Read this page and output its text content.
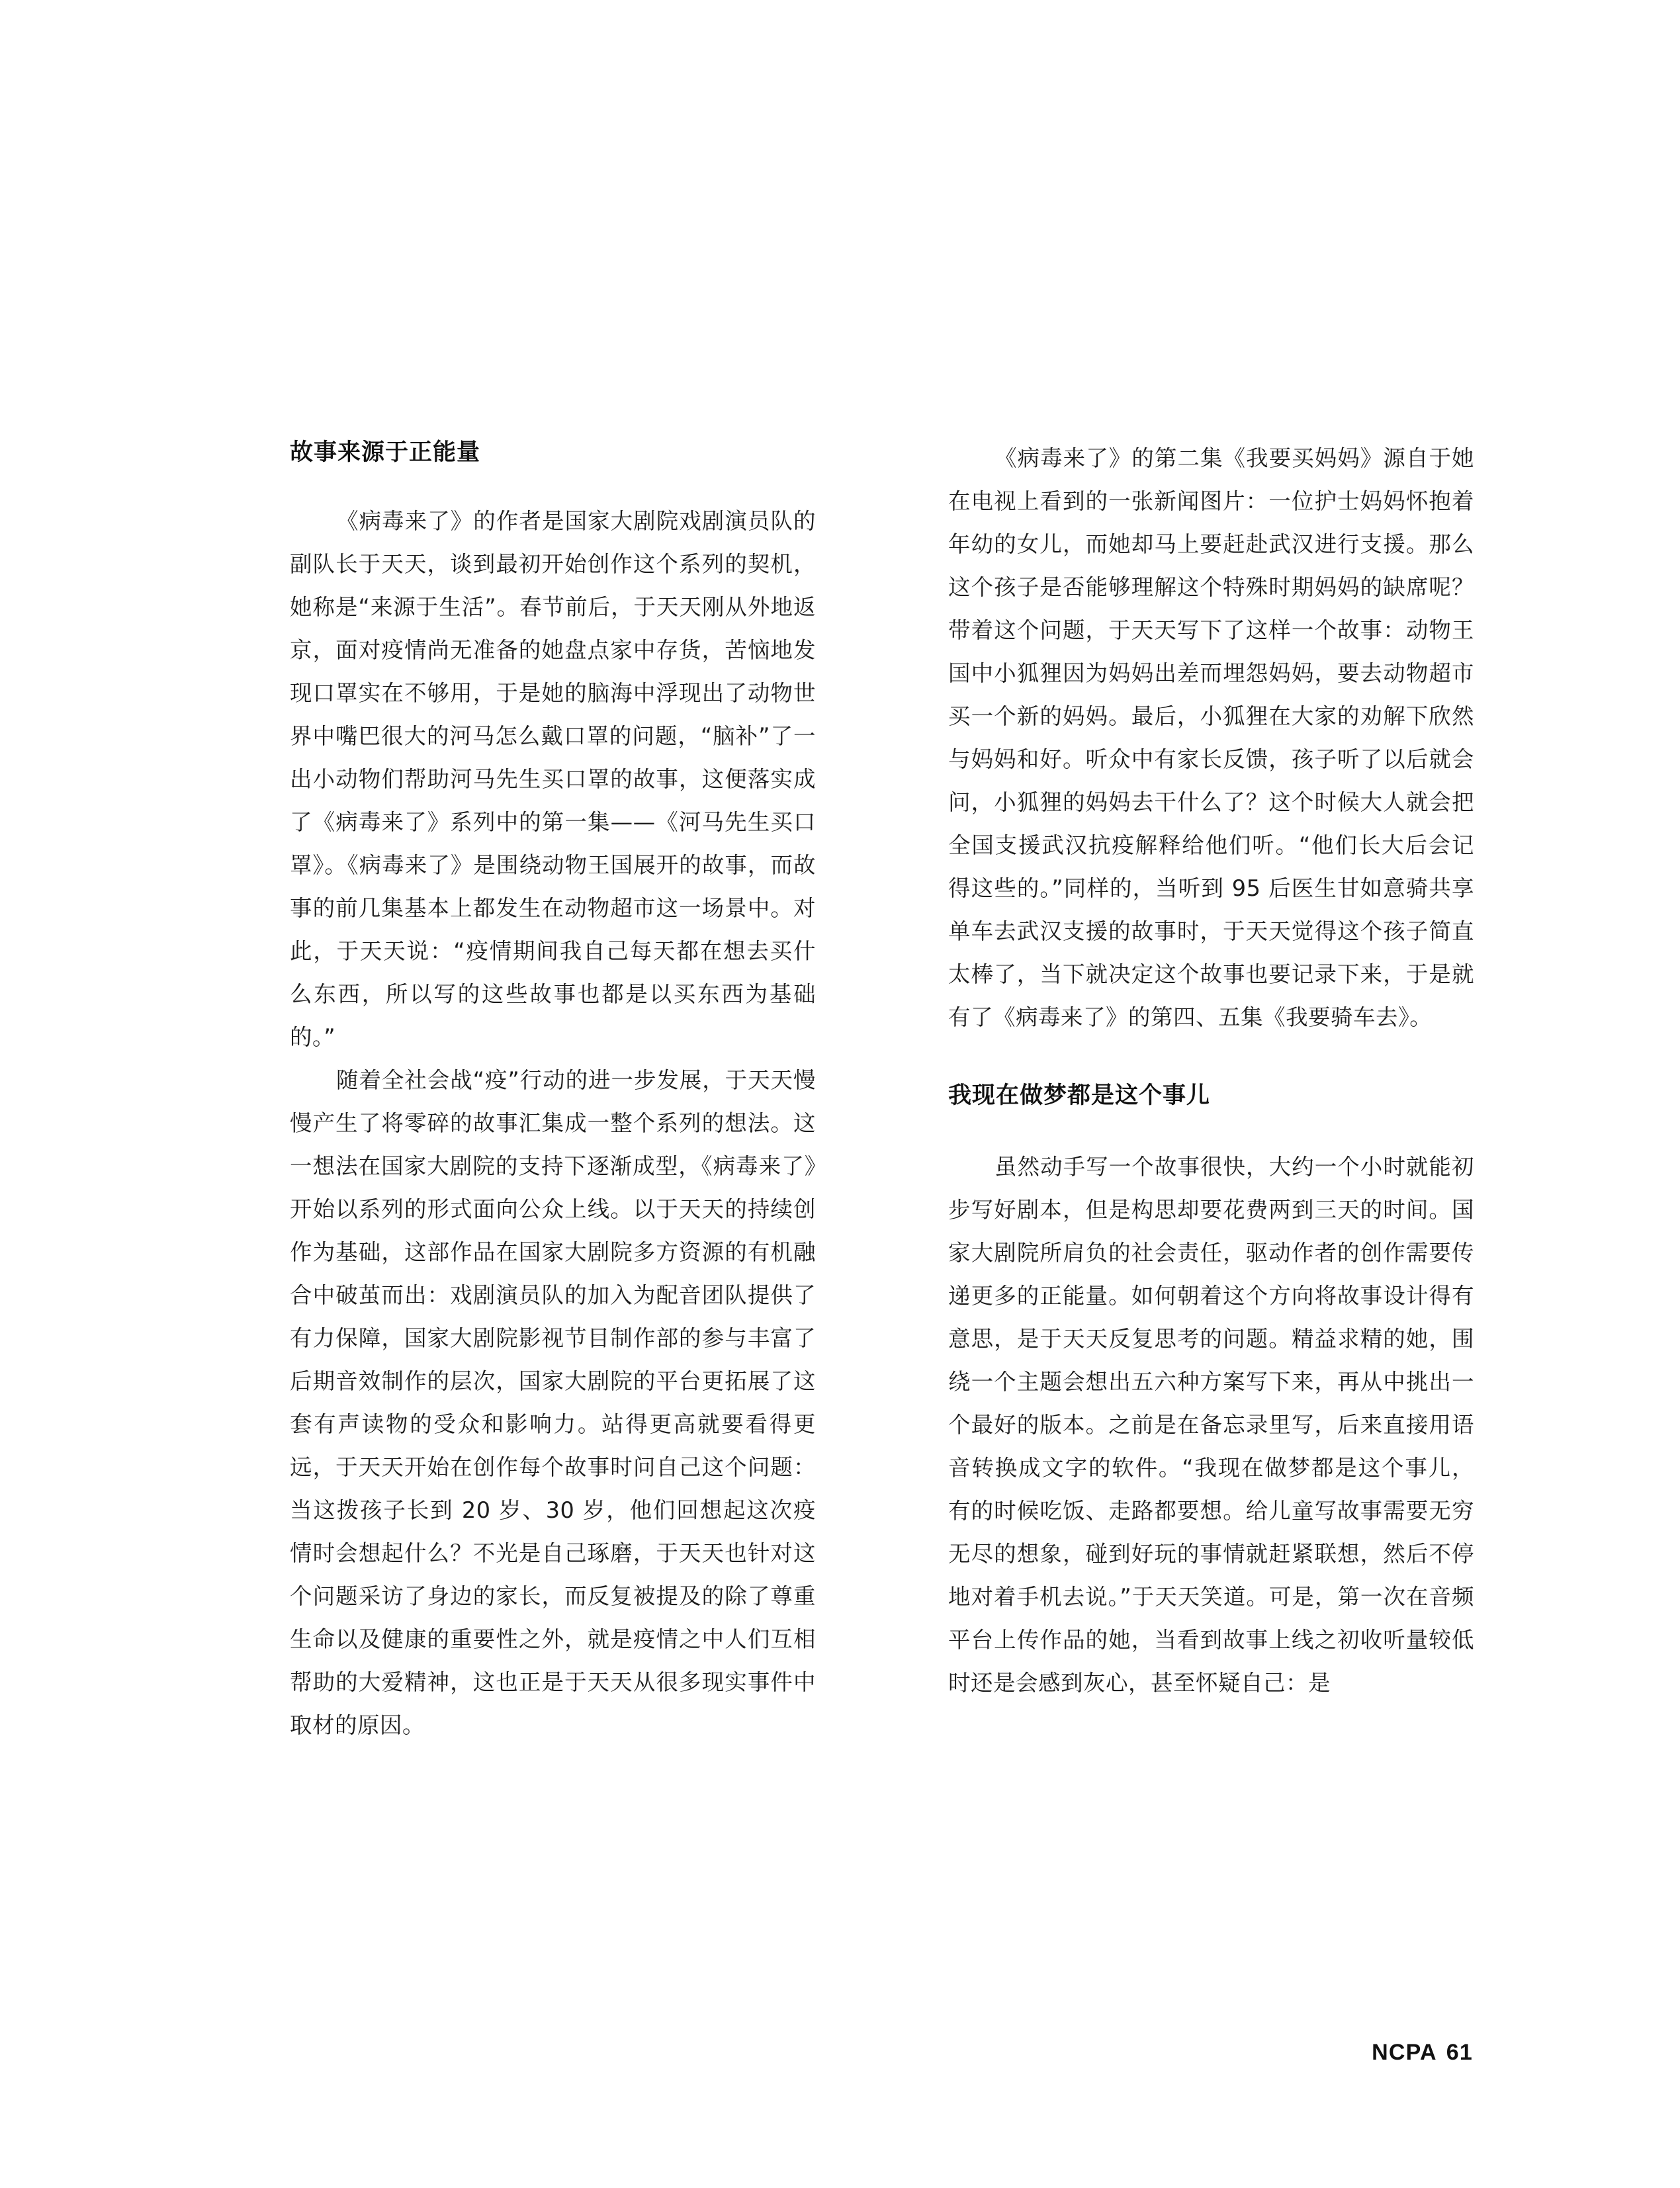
故事来源于正能量

《病毒来了》的作者是国家大剧院戏剧演员队的副队长于天天，谈到最初开始创作这个系列的契机，她称是“来源于生活”。春节前后，于天天刚从外地返京，面对疫情尚无准备的她盘点家中存货，苦恼地发现口罩实在不够用，于是她的脑海中浮现出了动物世界中嘴巴很大的河马怎么戴口罩的问题，“脑补”了一出小动物们帮助河马先生买口罩的故事，这便落实成了《病毒来了》系列中的第一集——《河马先生买口罩》。《病毒来了》是围绕动物王国展开的故事，而故事的前几集基本上都发生在动物超市这一场景中。对此，于天天说：“疫情期间我自己每天都在想去买什么东西，所以写的这些故事也都是以买东西为基础的。”

随着全社会战“疫”行动的进一步发展，于天天慢慢产生了将零碎的故事汇集成一整个系列的想法。这一想法在国家大剧院的支持下逐渐成型，《病毒来了》开始以系列的形式面向公众上线。以于天天的持续创作为基础，这部作品在国家大剧院多方资源的有机融合中破茧而出：戏剧演员队的加入为配音团队提供了有力保障，国家大剧院影视节目制作部的参与丰富了后期音效制作的层次，国家大剧院的平台更拓展了这套有声读物的受众和影响力。站得更高就要看得更远，于天天开始在创作每个故事时问自己这个问题：当这拨孩子长到 20 岁、30 岁，他们回想起这次疫情时会想起什么？不光是自己琢磨，于天天也针对这个问题采访了身边的家长，而反复被提及的除了尊重生命以及健康的重要性之外，就是疫情之中人们互相帮助的大爱精神，这也正是于天天从很多现实事件中取材的原因。

《病毒来了》的第二集《我要买妈妈》源自于她在电视上看到的一张新闻图片：一位护士妈妈怀抱着年幼的女儿，而她却马上要赶赴武汉进行支援。那么这个孩子是否能够理解这个特殊时期妈妈的缺席呢？带着这个问题，于天天写下了这样一个故事：动物王国中小狐狸因为妈妈出差而埋怨妈妈，要去动物超市买一个新的妈妈。最后，小狐狸在大家的劝解下欣然与妈妈和好。听众中有家长反馈，孩子听了以后就会问，小狐狸的妈妈去干什么了？这个时候大人就会把全国支援武汉抗疫解释给他们听。“他们长大后会记得这些的。”同样的，当听到 95 后医生甘如意骑共享单车去武汉支援的故事时，于天天觉得这个孩子简直太棒了，当下就决定这个故事也要记录下来，于是就有了《病毒来了》的第四、五集《我要骑车去》。

我现在做梦都是这个事儿

虽然动手写一个故事很快，大约一个小时就能初步写好剧本，但是构思却要花费两到三天的时间。国家大剧院所肩负的社会责任，驱动作者的创作需要传递更多的正能量。如何朝着这个方向将故事设计得有意思，是于天天反复思考的问题。精益求精的她，围绕一个主题会想出五六种方案写下来，再从中挑出一个最好的版本。之前是在备忘录里写，后来直接用语音转换成文字的软件。“我现在做梦都是这个事儿，有的时候吃饭、走路都要想。给儿童写故事需要无穷无尽的想象，碰到好玩的事情就赶紧联想，然后不停地对着手机去说。”于天天笑道。可是，第一次在音频平台上传作品的她，当看到故事上线之初收听量较低时还是会感到灰心，甚至怀疑自己：是

NCPA 61
